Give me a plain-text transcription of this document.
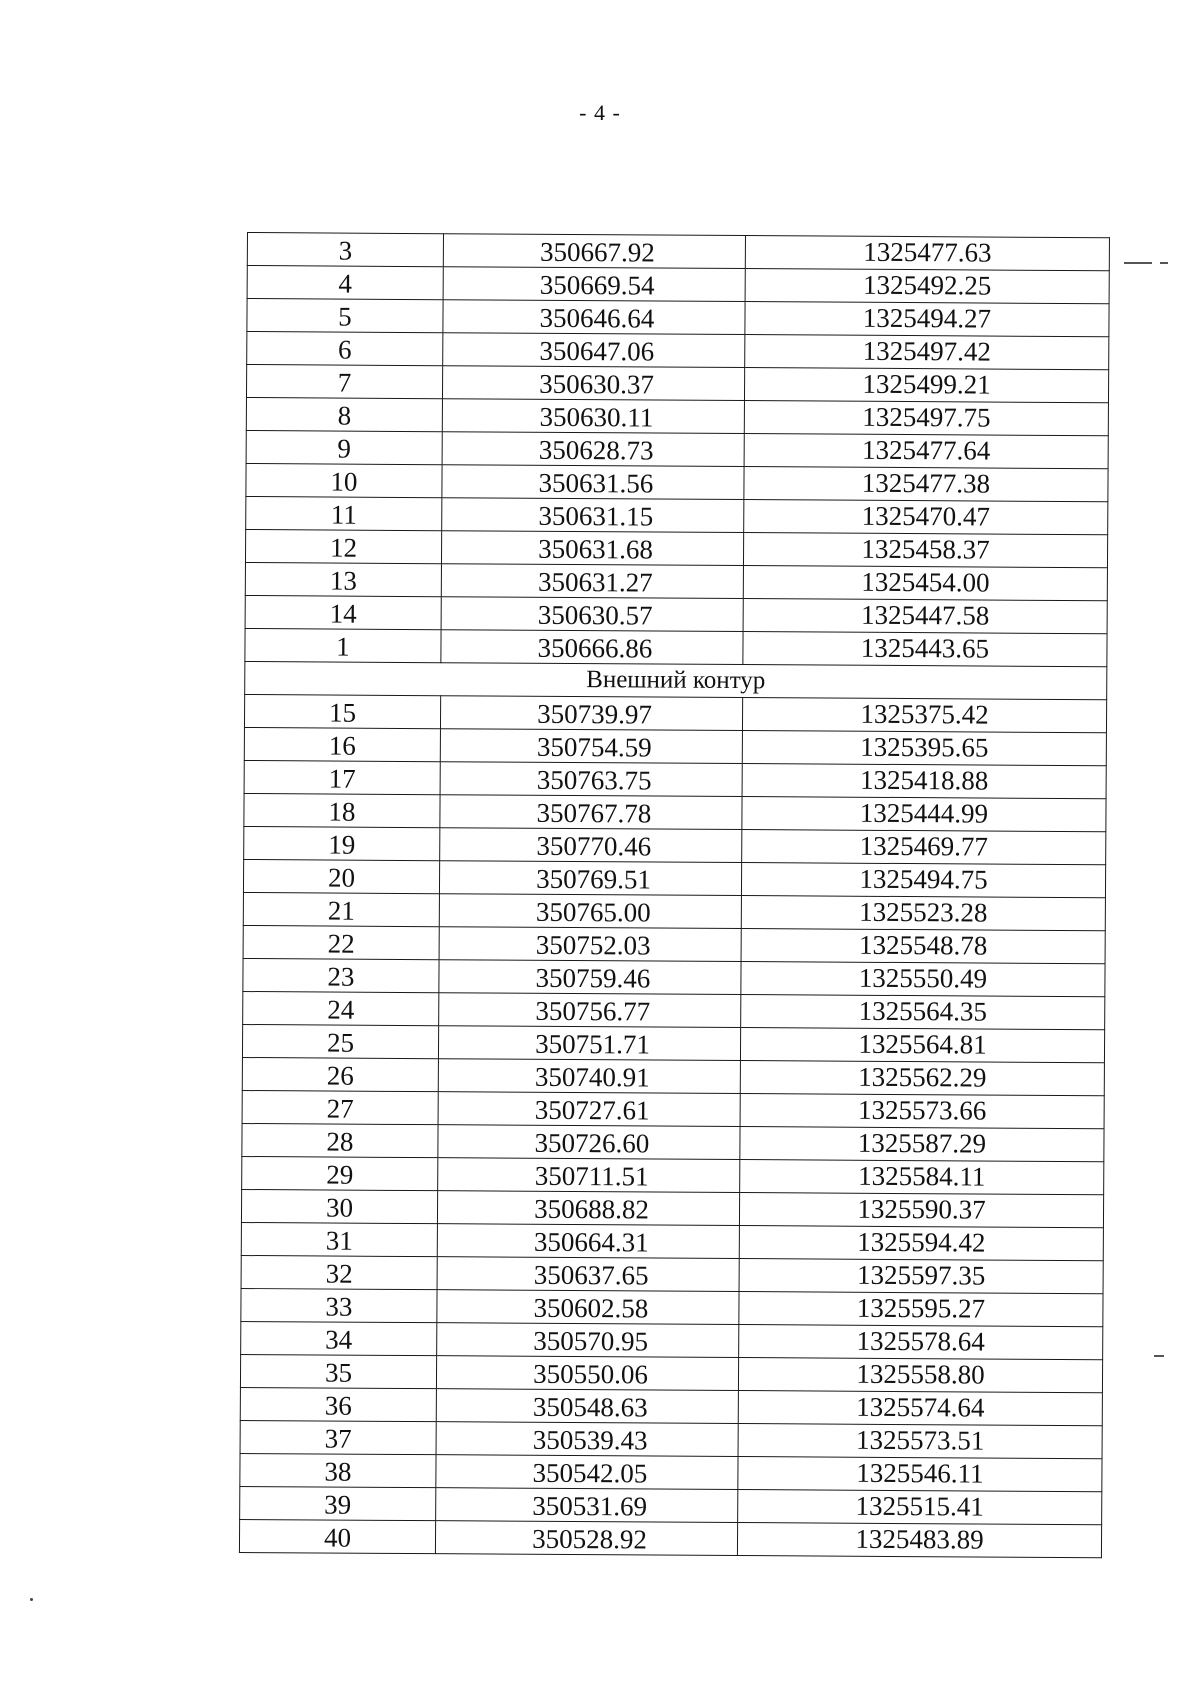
- 4 -
3	350667.92	1325477.63
4	350669.54	1325492.25
5	350646.64	1325494.27
6	350647.06	1325497.42
7	350630.37	1325499.21
8	350630.11	1325497.75
9	350628.73	1325477.64
10	350631.56	1325477.38
11	350631.15	1325470.47
12	350631.68	1325458.37
13	350631.27	1325454.00
14	350630.57	1325447.58
1	350666.86	1325443.65
Внешний контур		
15	350739.97	1325375.42
16	350754.59	1325395.65
17	350763.75	1325418.88
18	350767.78	1325444.99
19	350770.46	1325469.77
20	350769.51	1325494.75
21	350765.00	1325523.28
22	350752.03	1325548.78
23	350759.46	1325550.49
24	350756.77	1325564.35
25	350751.71	1325564.81
26	350740.91	1325562.29
27	350727.61	1325573.66
28	350726.60	1325587.29
29	350711.51	1325584.11
30	350688.82	1325590.37
31	350664.31	1325594.42
32	350637.65	1325597.35
33	350602.58	1325595.27
34	350570.95	1325578.64
35	350550.06	1325558.80
36	350548.63	1325574.64
37	350539.43	1325573.51
38	350542.05	1325546.11
39	350531.69	1325515.41
40	350528.92	1325483.89
